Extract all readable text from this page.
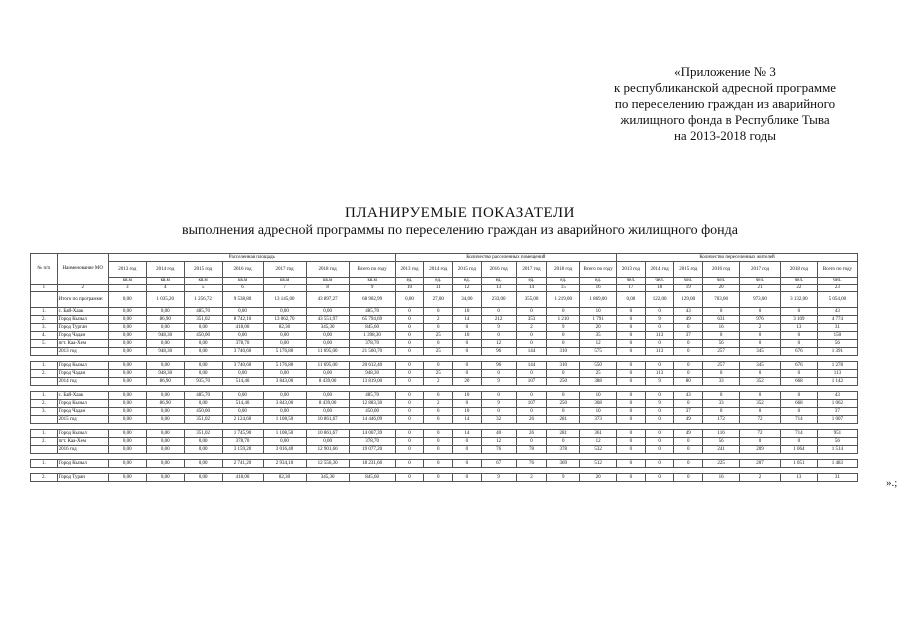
«Приложение № 3
к республиканской адресной программе
по переселению граждан из аварийного
жилищного фонда в Республике Тыва
на 2013-2018 годы
ПЛАНИРУЕМЫЕ ПОКАЗАТЕЛИ
выполнения адресной программы по переселению граждан из аварийного жилищного фонда
№ п/п	Наименование МО	Расселенная площадь							Количество расселенных помещений							Количество переселенных жителей						
		2013 год	2014 год	2015 год	2016 год	2017 год	2018 год	Всего по году	2013 год	2014 год	2015 год	2016 год	2017 год	2018 год	Всего по году	2013 год	2014 год	2015 год	2016 год	2017 год	2018 год	Всего по году
		кв.м	кв.м	кв.м	кв.м	кв.м	кв.м	кв.м	ед.	ед.	ед.	ед.	ед.	ед.	ед.	чел.	чел.	чел.	чел.	чел.	чел.	чел.
1	2	3	4	5	6	7	8	9	10	11	12	13	14	15	16	17	18	19	20	21	22	23
	Итого по программе:	0,00	1 035,20	1 256,72	9 538,80	13 145,00	43 897,27	68 902,99	0,00	27,00	34,00	233,00	355,00	1 219,00	1 869,00	0,00	122,00	129,00	703,00	973,00	3 132,00	5 054,00
1.	с. Бай-Хаак	0,00	0,00	485,70	0,00	0,00	0,00	485,70	0	0	10	0	0	0	10	0	0	43	0	0	0	43
2.	Город Кызыл	0,00	86,90	351,02	8 742,10	13 062,70	43 551,97	65 794,69	0	2	14	212	353	1 210	1 791	0	9	49	631	976	3 109	4 774
3.	Город Турган	0,00	0,00	0,00	418,00	82,30	345,30	845,60	0	0	0	9	2	9	20	0	0	0	16	2	13	31
4.	Город Чадан	0,00	948,30	450,00	0,00	0,00	0,00	1 398,30	0	25	10	0	0	0	35	0	113	37	0	0	0	150
5.	пгт. Каа-Хем	0,00	0,00	0,00	378,70	0,00	0,00	378,70	0	0	0	12	0	0	12	0	0	0	56	0	0	56
	2013 год	0,00	948,30	0,00	3 740,60	5 176,80	11 695,00	21 560,70	0	25	0	96	144	310	575	0	113	0	257	345	676	1 391

1.	Город Кызыл	0,00	0,00	0,00	3 740,60	5 176,80	11 695,00	20 612,40	0	0	0	96	144	310	550	0	0	0	257	345	676	1 278
2.	Город Чадан	0,00	948,30	0,00	0,00	0,00	0,00	948,30	0	25	0	0	0	0	25	0	113	0	0	0	0	113
	2014 год	0,00	86,90	935,70	514,40	3 843,00	8 439,00	13 819,00	0	2	20	9	107	250	388	0	9	80	33	352	668	1 142

1.	с. Бай-Хаак	0,00	0,00	485,70	0,00	0,00	0,00	485,70	0	0	10	0	0	0	10	0	0	43	0	0	0	43
2.	Город Кызыл	0,00	86,90	0,00	514,40	3 843,00	8 439,00	12 883,30	0	2	0	9	107	250	368	0	9	0	33	352	668	1 062
3.	Город Чадан	0,00	0,00	450,00	0,00	0,00	0,00	450,00	0	0	10	0	0	0	10	0	0	37	0	0	0	37
	2015 год	0,00	0,00	351,02	2 124,60	1 108,50	10 861,67	14 446,09	0	0	14	32	26	281	373	0	0	49	172	72	714	1 007

1.	Город Кызыл	0,00	0,00	351,02	1 745,90	1 108,50	10 861,67	14 067,39	0	0	14	40	26	281	361	0	0	49	116	72	714	951
2.	пгт. Каа-Хем	0,00	0,00	0,00	378,70	0,00	0,00	378,70	0	0	0	12	0	0	12	0	0	0	56	0	0	56
	2016 год	0,00	0,00	0,00	3 159,20	3 016,40	12 901,60	19 077,20	0	0	0	76	78	378	532	0	0	0	241	209	1 064	1 514

1.	Город Кызыл	0,00	0,00	0,00	2 741,20	2 934,10	12 556,30	18 231,60	0	0	0	67	76	369	512	0	0	0	225	207	1 051	1 483

2.	Город Туран	0,00	0,00	0,00	418,00	82,30	345,30	845,60	0	0	0	9	2	9	20	0	0	0	16	2	13	31	».;
